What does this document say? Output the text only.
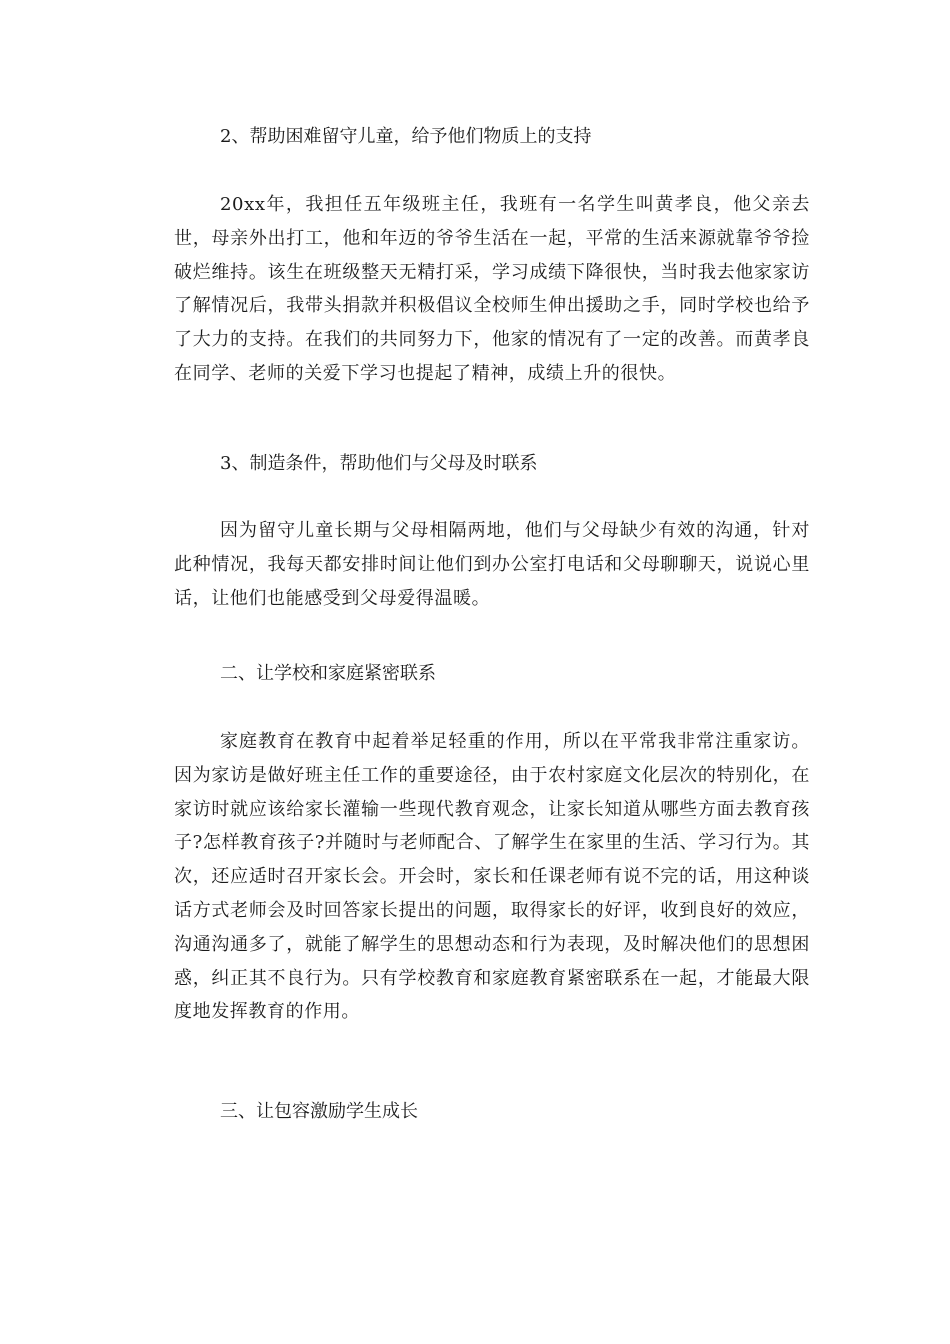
2、帮助困难留守儿童，给予他们物质上的支持
20xx年，我担任五年级班主任，我班有一名学生叫黄孝良，他父亲去世，母亲外出打工，他和年迈的爷爷生活在一起，平常的生活来源就靠爷爷捡破烂维持。该生在班级整天无精打采，学习成绩下降很快，当时我去他家家访了解情况后，我带头捐款并积极倡议全校师生伸出援助之手，同时学校也给予了大力的支持。在我们的共同努力下，他家的情况有了一定的改善。而黄孝良在同学、老师的关爱下学习也提起了精神，成绩上升的很快。
3、制造条件，帮助他们与父母及时联系
因为留守儿童长期与父母相隔两地，他们与父母缺少有效的沟通，针对此种情况，我每天都安排时间让他们到办公室打电话和父母聊聊天，说说心里话，让他们也能感受到父母爱得温暖。
二、让学校和家庭紧密联系
家庭教育在教育中起着举足轻重的作用，所以在平常我非常注重家访。因为家访是做好班主任工作的重要途径，由于农村家庭文化层次的特别化，在家访时就应该给家长灌输一些现代教育观念，让家长知道从哪些方面去教育孩子?怎样教育孩子?并随时与老师配合、了解学生在家里的生活、学习行为。其次，还应适时召开家长会。开会时，家长和任课老师有说不完的话，用这种谈话方式老师会及时回答家长提出的问题，取得家长的好评，收到良好的效应，沟通沟通多了，就能了解学生的思想动态和行为表现，及时解决他们的思想困惑，纠正其不良行为。只有学校教育和家庭教育紧密联系在一起，才能最大限度地发挥教育的作用。
三、让包容激励学生成长
